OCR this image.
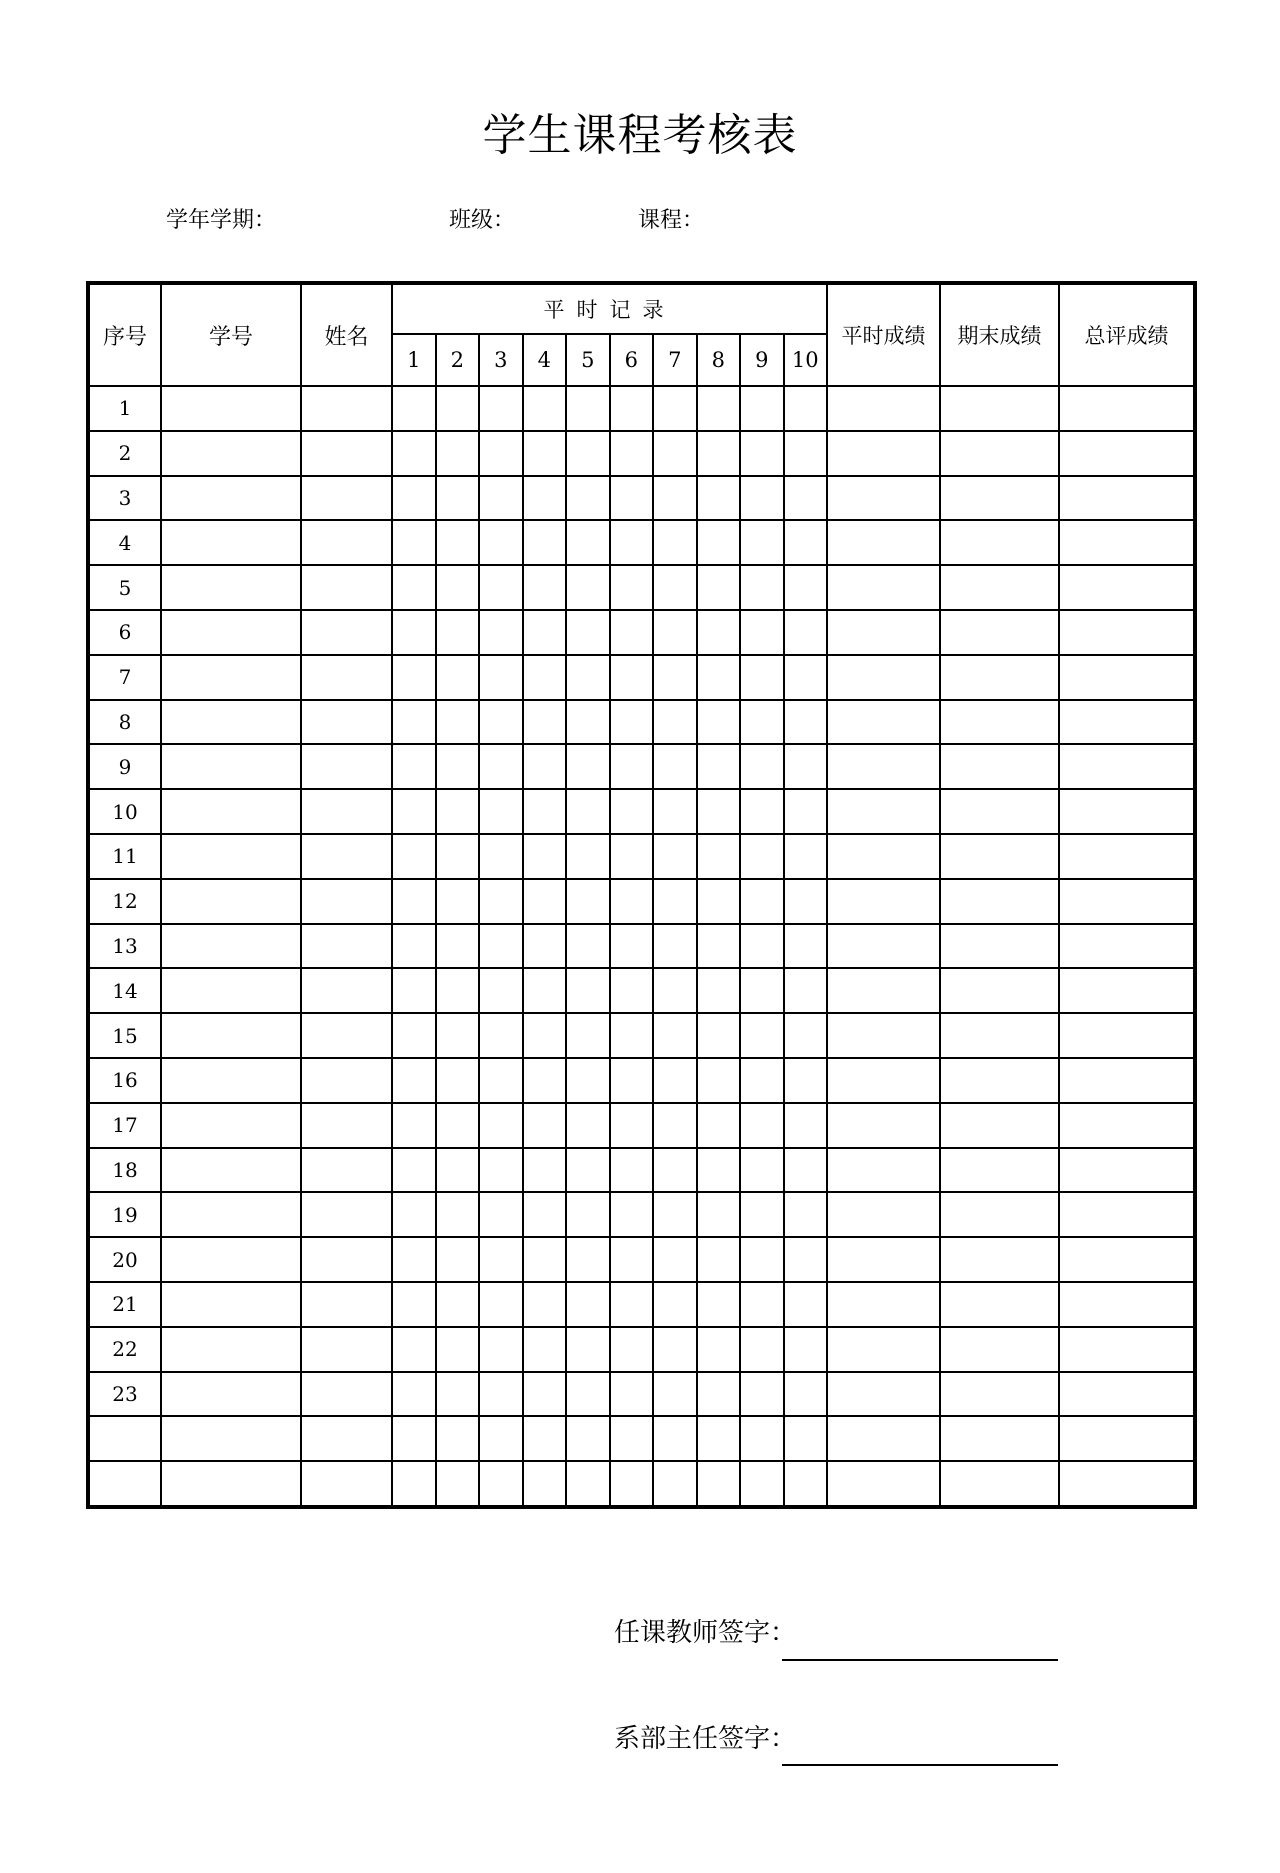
学生课程考核表
学年学期：	班级：	课程：
序号	学号	姓名	平时记录										平时成绩	期末成绩	总评成绩
			1	2	3	4	5	6	7	8	9	10			
1															
2															
3															
4															
5															
6															
7															
8															
9															
10															
11															
12															
13															
14															
15															
16															
17															
18															
19															
20															
21															
22															
23															

任课教师签字：
系部主任签字：
